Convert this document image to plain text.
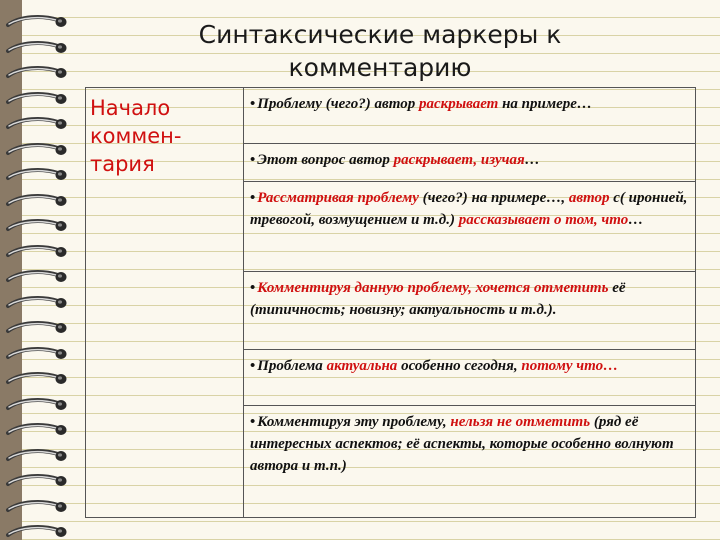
Синтаксические маркеры к комментарию
Начало коммен-тария	• Проблему (чего?) автор раскрывает на примере…
• Этот вопрос автор раскрывает, изучая…
• Рассматривая проблему (чего?) на примере…, автор с( иронией, тревогой, возмущением и т.д.) рассказывает о том, что…
• Комментируя данную проблему, хочется отметить её (типичность; новизну; актуальность и т.д.).
• Проблема актуальна особенно сегодня, потому что…
• Комментируя эту проблему, нельзя не отметить (ряд её интересных аспектов; её аспекты, которые особенно волнуют автора и т.п.)
